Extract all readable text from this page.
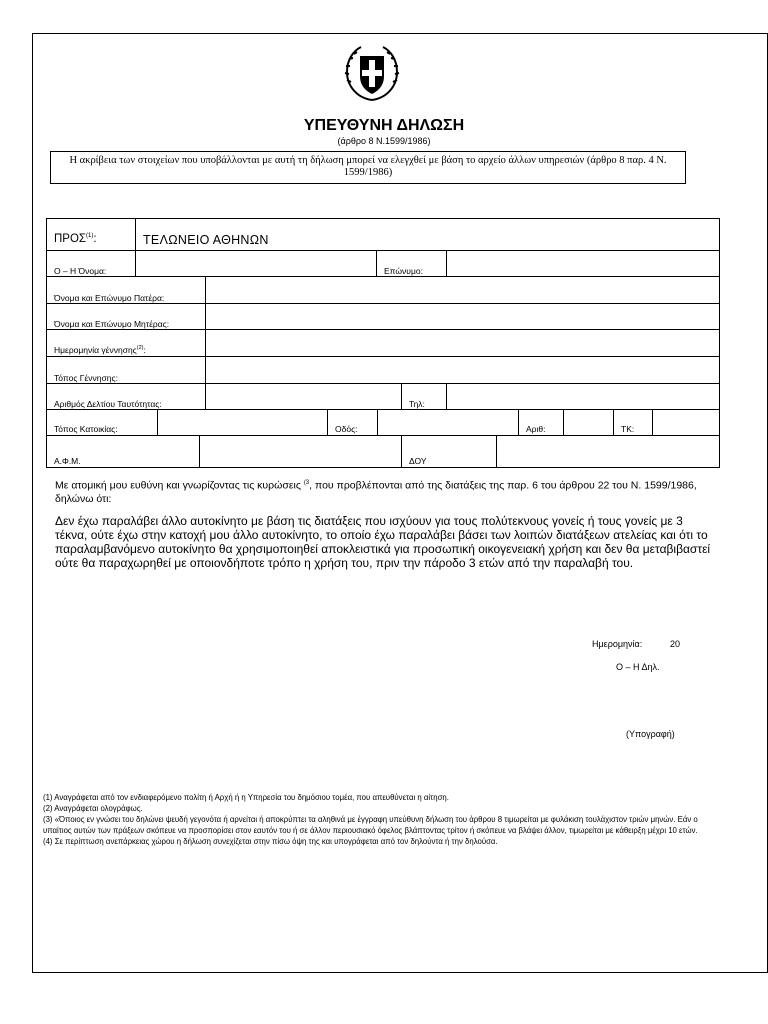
ΥΠΕΥΘΥΝΗ ΔΗΛΩΣΗ
(άρθρο 8 Ν.1599/1986)
Η ακρίβεια των στοιχείων που υποβάλλονται με αυτή τη δήλωση μπορεί να ελεγχθεί με βάση το αρχείο άλλων υπηρεσιών (άρθρο 8 παρ. 4 Ν. 1599/1986)
ΠΡΟΣ$^{(1)}$:	ΤΕΛΩΝΕΙΟ ΑΘΗΝΩΝ
Ο – Η Όνομα:	Επώνυμο:
Όνομα και Επώνυμο Πατέρα:
Όνομα και Επώνυμο Μητέρας:
Ημερομηνία γέννησης$^{(2)}$:
Τόπος Γέννησης:
Αριθμός Δελτίου Ταυτότητας:	Τηλ:
Τόπος Κατοικίας:	Οδός:	Αριθ:	ΤΚ:
Α.Φ.Μ.	ΔΟΥ
Με ατομική μου ευθύνη και γνωρίζοντας τις κυρώσεις $^{(3}$, που προβλέπονται από της διατάξεις της παρ. 6 του άρθρου 22 του Ν. 1599/1986, δηλώνω ότι:
Δεν έχω παραλάβει άλλο αυτοκίνητο με βάση τις διατάξεις που ισχύουν για τους πολύτεκνους γονείς ή τους γονείς με 3 τέκνα, ούτε έχω στην κατοχή μου άλλο αυτοκίνητο, το οποίο έχω παραλάβει βάσει των λοιπών διατάξεων ατελείας και ότι το παραλαμβανόμενο αυτοκίνητο θα χρησιμοποιηθεί αποκλειστικά για προσωπική οικογενειακή χρήση και δεν θα μεταβιβαστεί ούτε θα παραχωρηθεί με οποιονδήποτε τρόπο η χρήση του, πριν την πάροδο 3 ετών από την παραλαβή του.
Ημερομηνία:	20
Ο – Η Δηλ.
(Υπογραφή)
(1) Αναγράφεται από τον ενδιαφερόμενο πολίτη ή Αρχή ή η Υπηρεσία του δημόσιου τομέα, που απευθύνεται η αίτηση.
(2) Αναγράφεται ολογράφως.
(3) «Όποιος εν γνώσει του δηλώνει ψευδή γεγονότα ή αρνείται ή αποκρύπτει τα αληθινά με έγγραφη υπεύθυνη δήλωση του άρθρου 8 τιμωρείται με φυλάκιση τουλάχιστον τριών μηνών. Εάν ο υπαίτιος αυτών των πράξεων σκόπευε να προσπορίσει στον εαυτόν του ή σε άλλον περιουσιακό όφελος βλάπτοντας τρίτον ή σκόπευε να βλάψει άλλον, τιμωρείται με κάθειρξη μέχρι 10 ετών.
(4) Σε περίπτωση ανεπάρκειας χώρου η δήλωση συνεχίζεται στην πίσω όψη της και υπογράφεται από τον δηλούντα ή την δηλούσα.
